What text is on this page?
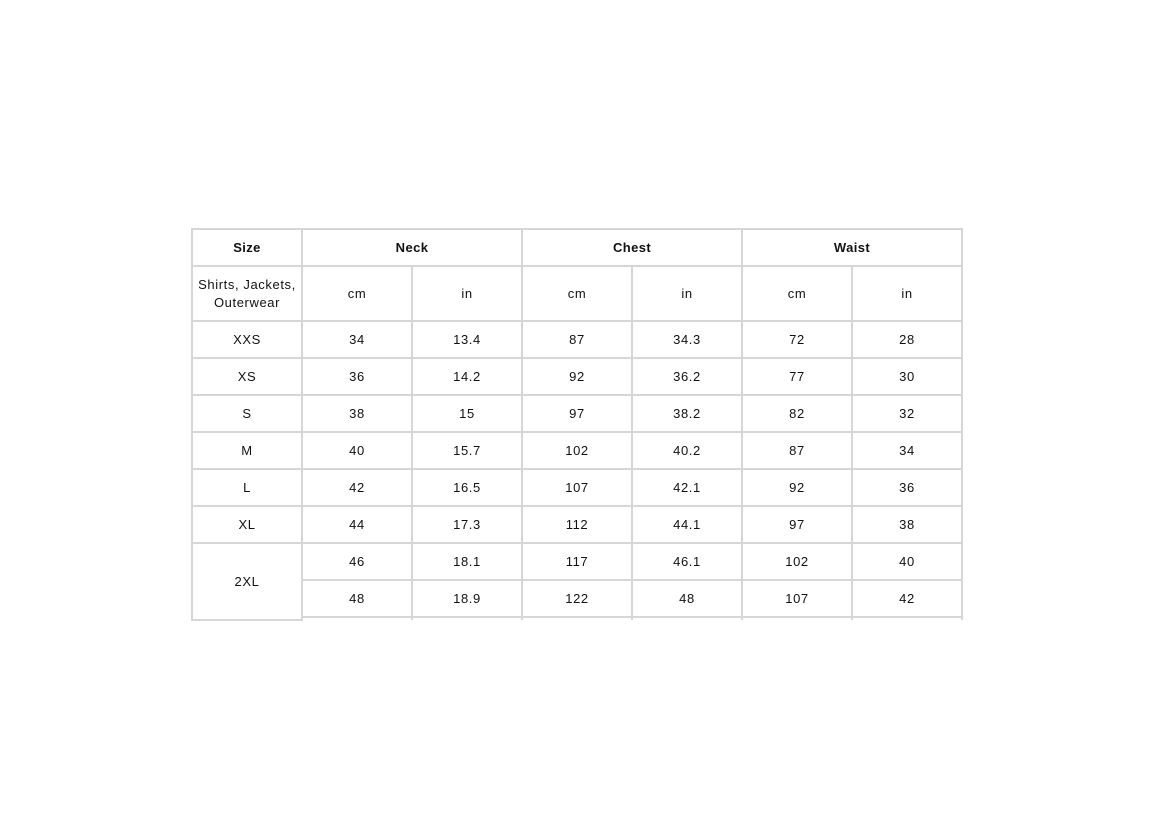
Size	Neck		Chest		Waist	
Shirts, Jackets, Outerwear	cm	in	cm	in	cm	in
XXS	34	13.4	87	34.3	72	28
XS	36	14.2	92	36.2	77	30
S	38	15	97	38.2	82	32
M	40	15.7	102	40.2	87	34
L	42	16.5	107	42.1	92	36
XL	44	17.3	112	44.1	97	38
2XL	46	18.1	117	46.1	102	40
	48	18.9	122	48	107	42
